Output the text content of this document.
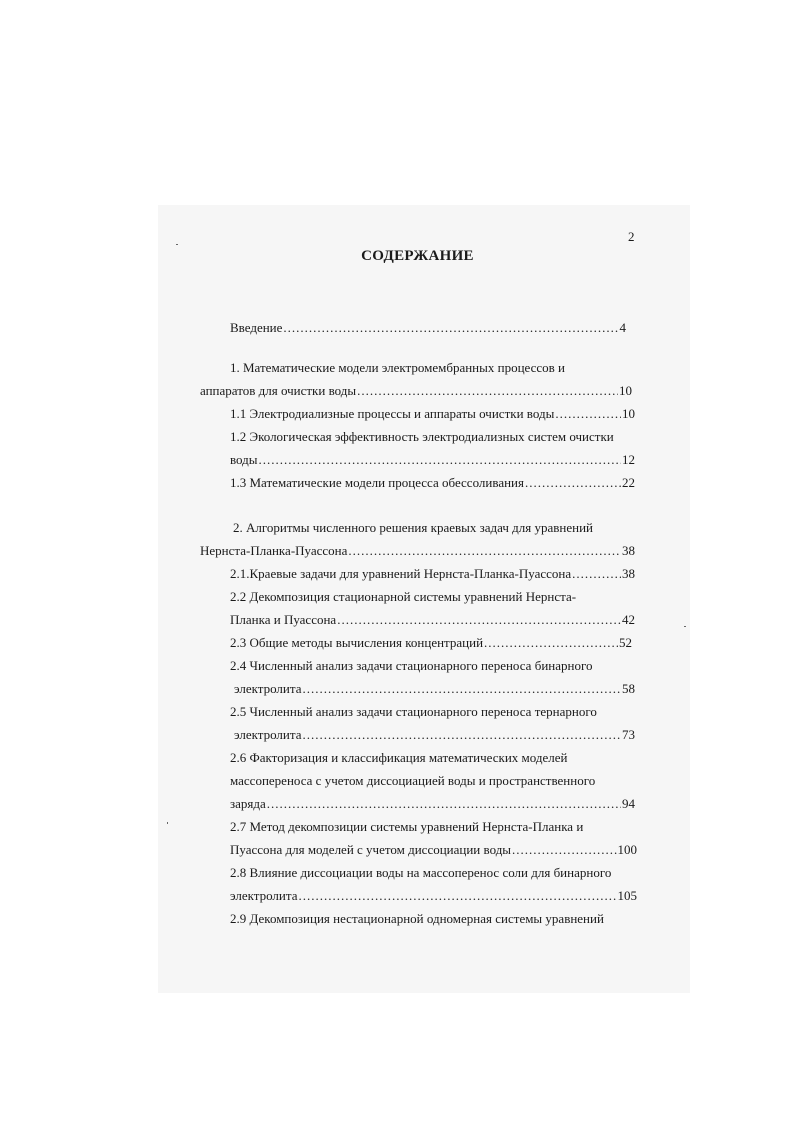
2
СОДЕРЖАНИЕ
Введение .....	4
1. Математические модели электромембранных процессов и
аппаратов для очистки воды .....	10
1.1 Электродиализные процессы и аппараты очистки воды .....	10
1.2 Экологическая эффективность электродиализных систем очистки
воды .....	12
1.3 Математические модели процесса обессоливания .....	22
2. Алгоритмы численного решения краевых задач для уравнений
Нернста-Планка-Пуассона .....	38
2.1.Краевые задачи для уравнений Нернста-Планка-Пуассона .....	38
2.2 Декомпозиция стационарной системы уравнений Нернста-
Планка и Пуассона .....	42
2.3 Общие методы вычисления концентраций .....	52
2.4 Численный анализ задачи стационарного переноса бинарного
электролита .....	58
2.5 Численный анализ задачи стационарного переноса тернарного
электролита .....	73
2.6 Факторизация и классификация математических моделей
массопереноса с учетом диссоциацией воды и пространственного
заряда .....	94
2.7 Метод декомпозиции системы уравнений Нернста-Планка и
Пуассона для моделей с учетом диссоциации воды .....	100
2.8 Влияние диссоциации воды на массоперенос соли для бинарного
электролита .....	105
2.9 Декомпозиция нестационарной одномерная системы уравнений
